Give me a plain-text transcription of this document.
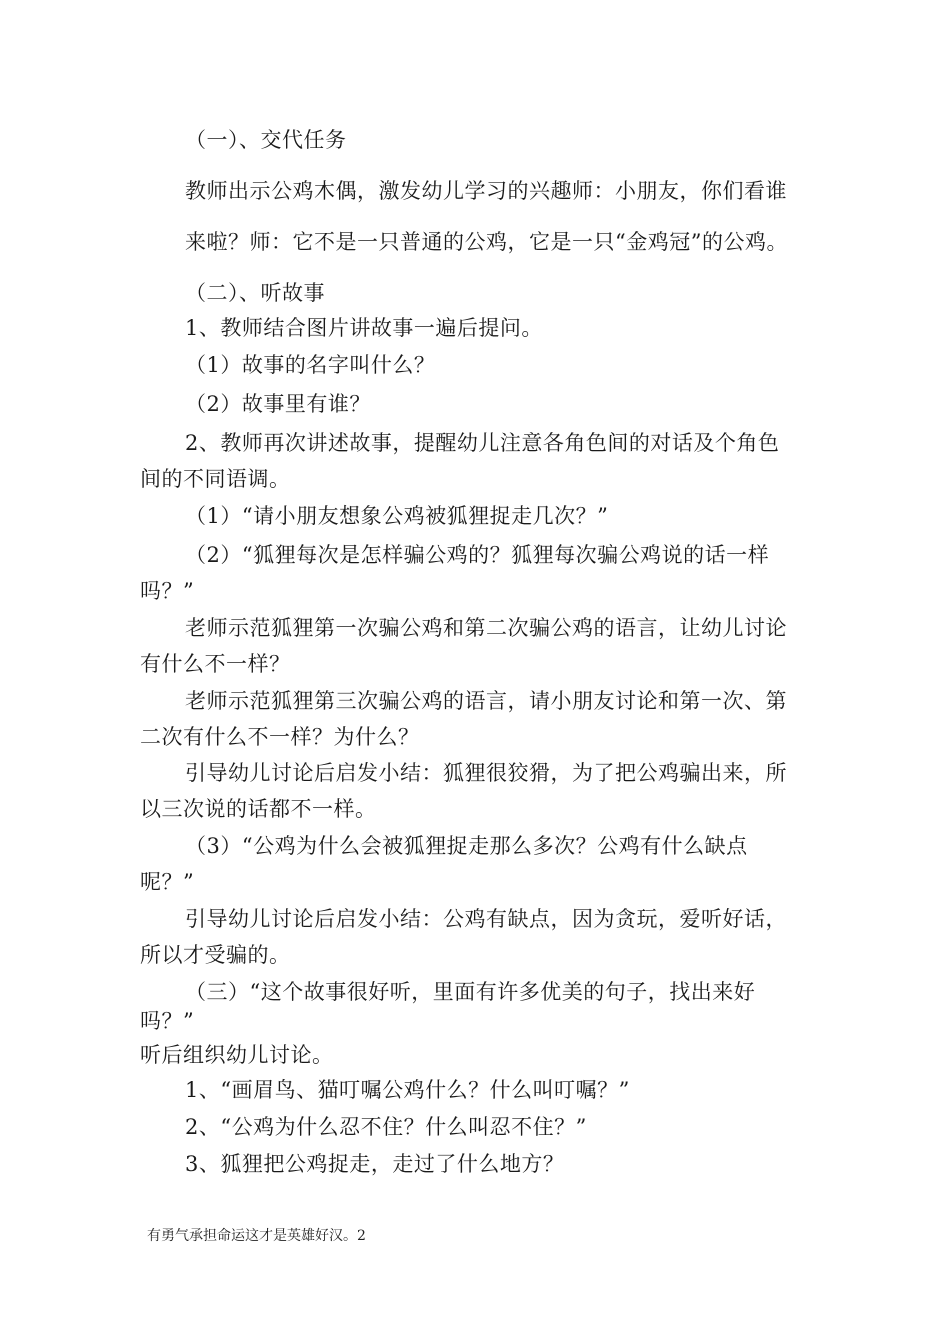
（一）、交代任务

教师出示公鸡木偶，激发幼儿学习的兴趣师：小朋友，你们看谁

来啦？师：它不是一只普通的公鸡，它是一只“金鸡冠”的公鸡。

（二）、听故事

1、教师结合图片讲故事一遍后提问。

（1）故事的名字叫什么？

（2）故事里有谁？

2、教师再次讲述故事，提醒幼儿注意各角色间的对话及个角色

间的不同语调。

（1）“请小朋友想象公鸡被狐狸捉走几次？”

（2）“狐狸每次是怎样骗公鸡的？狐狸每次骗公鸡说的话一样

吗？”

老师示范狐狸第一次骗公鸡和第二次骗公鸡的语言，让幼儿讨论

有什么不一样？

老师示范狐狸第三次骗公鸡的语言，请小朋友讨论和第一次、第

二次有什么不一样？为什么？

引导幼儿讨论后启发小结：狐狸很狡猾，为了把公鸡骗出来，所

以三次说的话都不一样。

（3）“公鸡为什么会被狐狸捉走那么多次？公鸡有什么缺点

呢？”

引导幼儿讨论后启发小结：公鸡有缺点，因为贪玩，爱听好话，

所以才受骗的。

（三）“这个故事很好听，里面有许多优美的句子，找出来好

吗？”

听后组织幼儿讨论。

1、“画眉鸟、猫叮嘱公鸡什么？什么叫叮嘱？”

2、“公鸡为什么忍不住？什么叫忍不住？”

3、狐狸把公鸡捉走，走过了什么地方？

有勇气承担命运这才是英雄好汉。2
